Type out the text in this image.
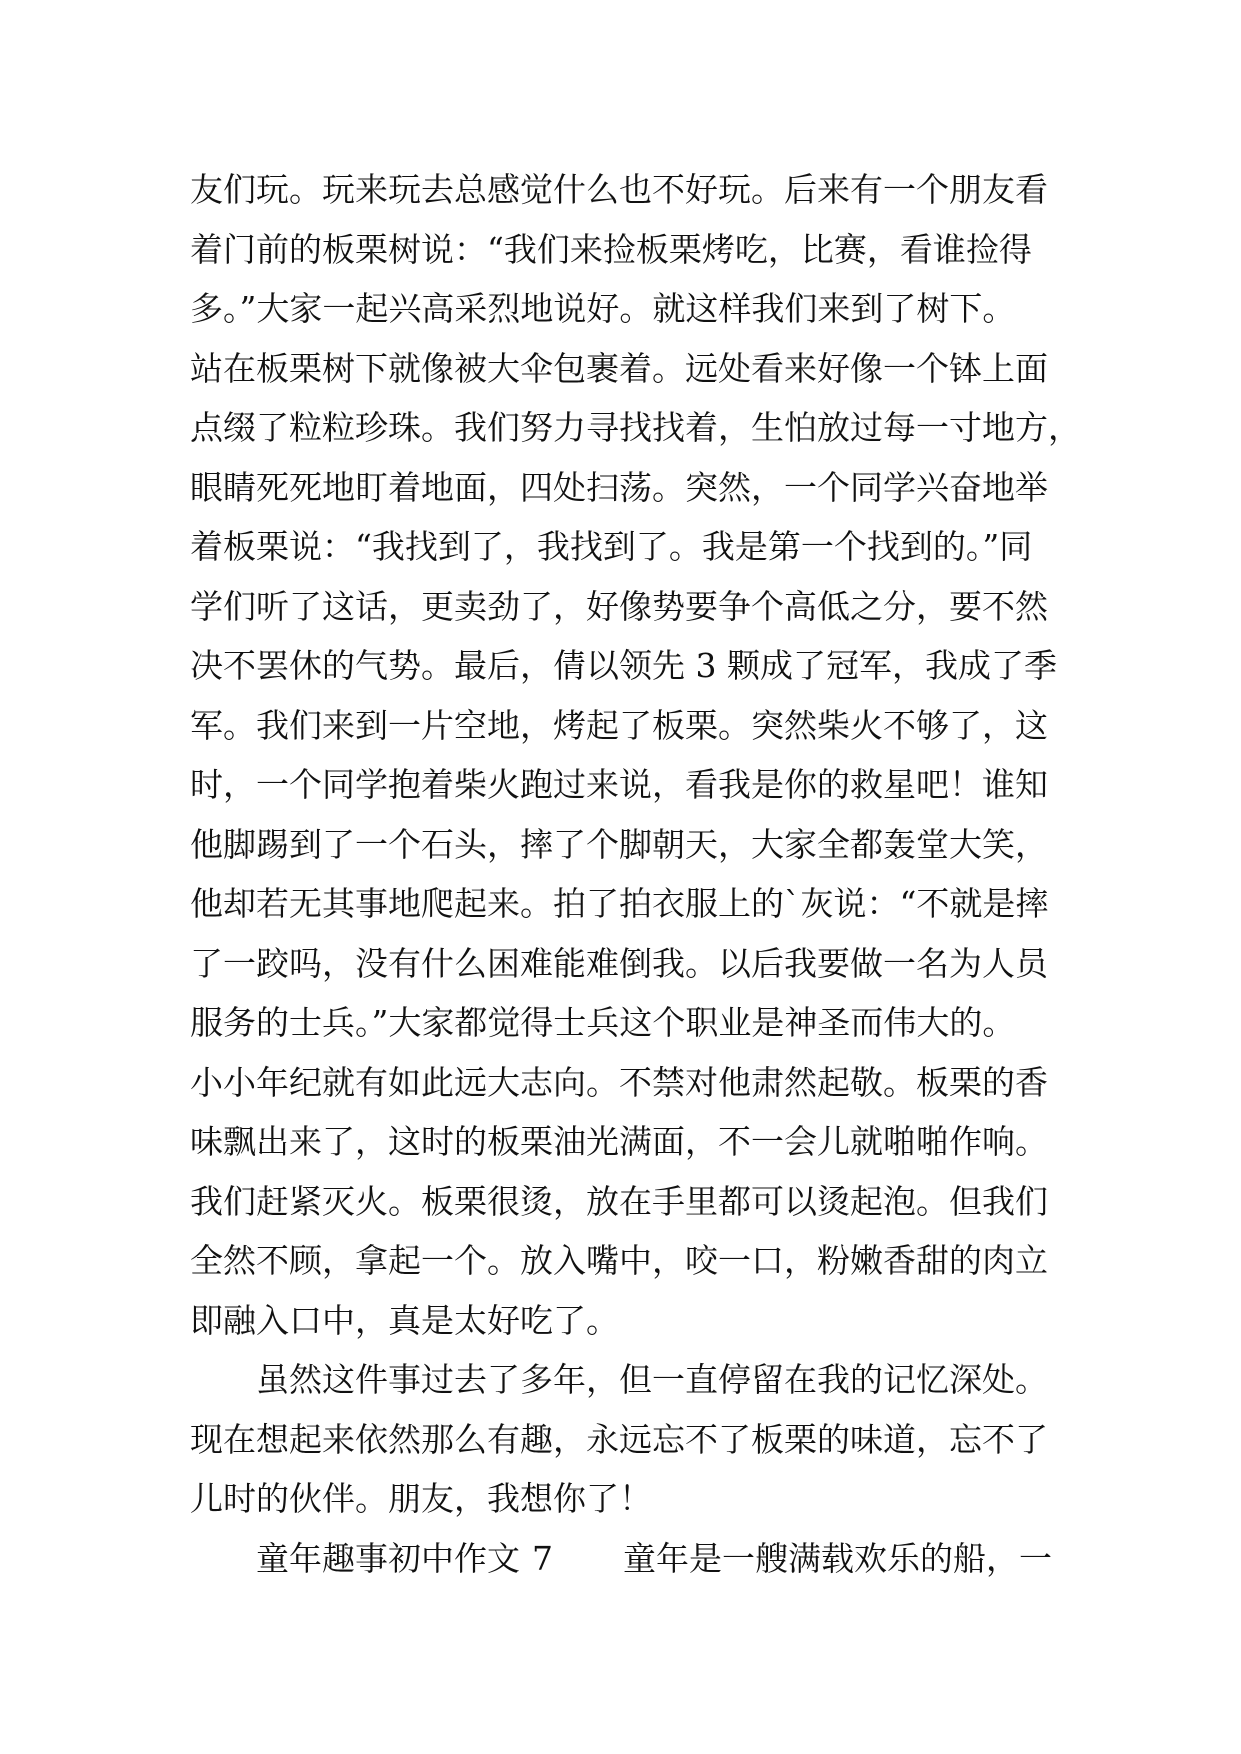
友们玩。玩来玩去总感觉什么也不好玩。后来有一个朋友看
着门前的板栗树说：“我们来捡板栗烤吃，比赛，看谁捡得
多。”大家一起兴高采烈地说好。就这样我们来到了树下。
站在板栗树下就像被大伞包裹着。远处看来好像一个钵上面
点缀了粒粒珍珠。我们努力寻找找着，生怕放过每一寸地方，
眼睛死死地盯着地面，四处扫荡。突然，一个同学兴奋地举
着板栗说：“我找到了，我找到了。我是第一个找到的。”同
学们听了这话，更卖劲了，好像势要争个高低之分，要不然
决不罢休的气势。最后，倩以领先 3 颗成了冠军，我成了季
军。我们来到一片空地，烤起了板栗。突然柴火不够了，这
时，一个同学抱着柴火跑过来说，看我是你的救星吧！谁知
他脚踢到了一个石头，摔了个脚朝天，大家全都轰堂大笑，
他却若无其事地爬起来。拍了拍衣服上的`灰说：“不就是摔
了一跤吗，没有什么困难能难倒我。以后我要做一名为人员
服务的士兵。”大家都觉得士兵这个职业是神圣而伟大的。
小小年纪就有如此远大志向。不禁对他肃然起敬。板栗的香
味飘出来了，这时的板栗油光满面，不一会儿就啪啪作响。
我们赶紧灭火。板栗很烫，放在手里都可以烫起泡。但我们
全然不顾，拿起一个。放入嘴中，咬一口，粉嫩香甜的肉立
即融入口中，真是太好吃了。
虽然这件事过去了多年，但一直停留在我的记忆深处。
现在想起来依然那么有趣，永远忘不了板栗的味道，忘不了
儿时的伙伴。朋友，我想你了！
童年趣事初中作文 7 童年是一艘满载欢乐的船，一
